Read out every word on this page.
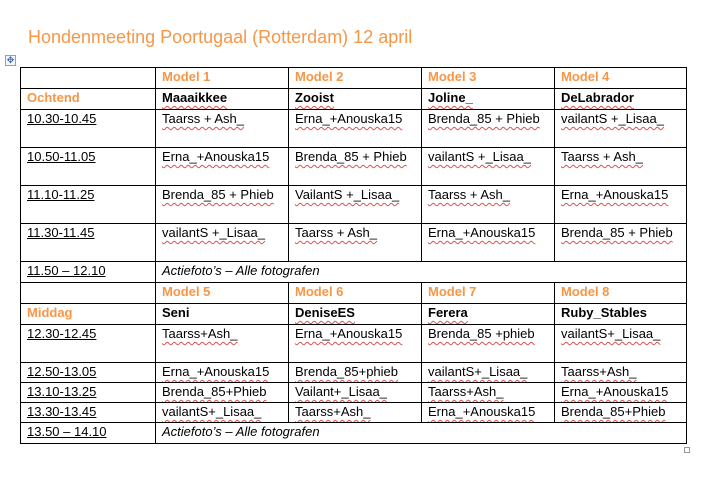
Hondenmeeting Poortugaal (Rotterdam) 12 april
✥
	Model 1	Model 2	Model 3	Model 4
Ochtend	Maaaikkee	Zooist	Joline_	DeLabrador
10.30-10.45	Taarss + Ash_	Erna_+Anouska15	Brenda_85 + Phieb	vailantS +_Lisaa_
10.50-11.05	Erna_+Anouska15	Brenda_85 + Phieb	vailantS +_Lisaa_	Taarss + Ash_
11.10-11.25	Brenda_85 + Phieb	VailantS +_Lisaa_	Taarss + Ash_	Erna_+Anouska15
11.30-11.45	vailantS +_Lisaa_	Taarss + Ash_	Erna_+Anouska15	Brenda_85 + Phieb
11.50 – 12.10	Actiefoto’s – Alle fotografen			
	Model 5	Model 6	Model 7	Model 8
Middag	Seni	DeniseES	Ferera	Ruby_Stables
12.30-12.45	Taarss+Ash_	Erna_+Anouska15	Brenda_85 +phieb	vailantS+_Lisaa_
12.50-13.05	Erna_+Anouska15	Brenda_85+phieb	vailantS+_Lisaa_	Taarss+Ash_
13.10-13.25	Brenda_85+Phieb	Vailant+_Lisaa_	Taarss+Ash_	Erna_+Anouska15
13.30-13.45	vailantS+_Lisaa_	Taarss+Ash_	Erna_+Anouska15	Brenda_85+Phieb
13.50 – 14.10	Actiefoto’s – Alle fotografen			
